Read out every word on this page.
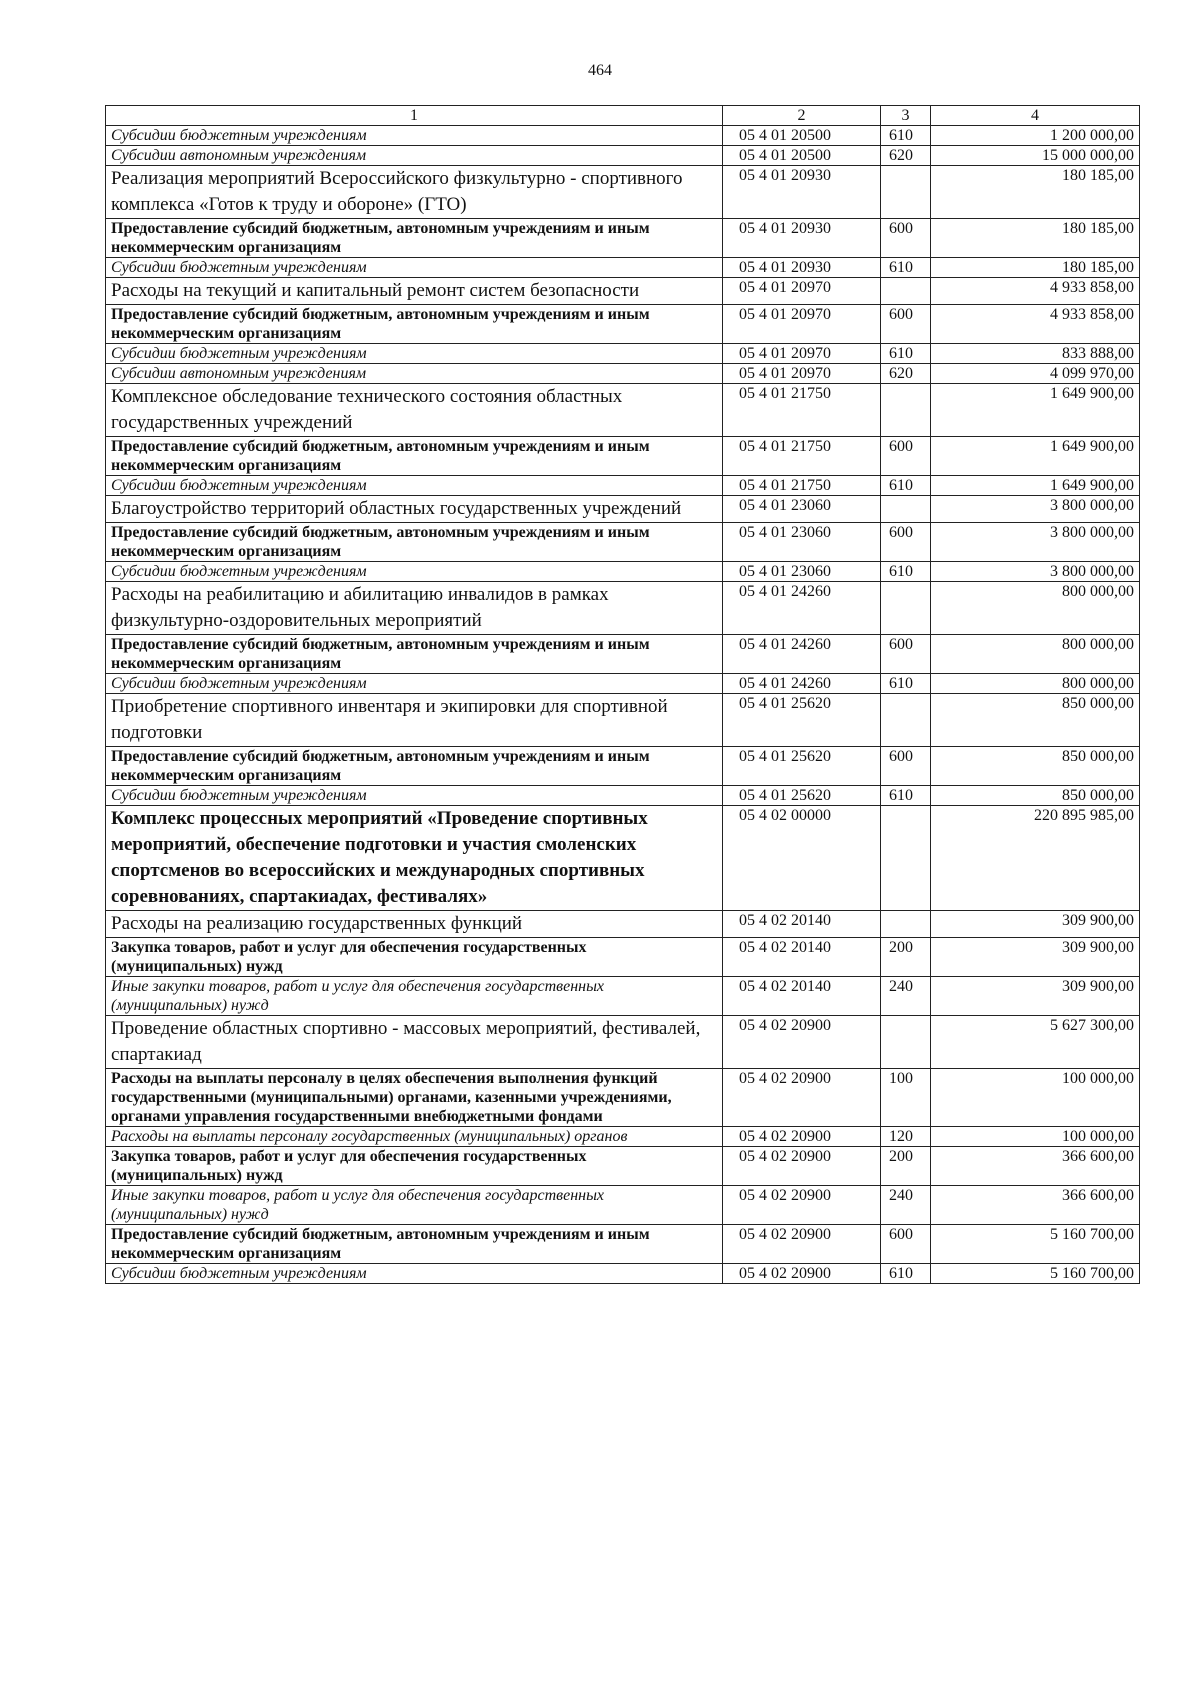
464
1	2	3	4
Субсидии бюджетным учреждениям	05 4 01 20500	610	1 200 000,00
Субсидии автономным учреждениям	05 4 01 20500	620	15 000 000,00
Реализация мероприятий Всероссийского физкультурно - спортивного комплекса «Готов к труду и обороне» (ГТО)	05 4 01 20930		180 185,00
Предоставление субсидий бюджетным, автономным учреждениям и иным некоммерческим организациям	05 4 01 20930	600	180 185,00
Субсидии бюджетным учреждениям	05 4 01 20930	610	180 185,00
Расходы на текущий и капитальный ремонт систем безопасности	05 4 01 20970		4 933 858,00
Предоставление субсидий бюджетным, автономным учреждениям и иным некоммерческим организациям	05 4 01 20970	600	4 933 858,00
Субсидии бюджетным учреждениям	05 4 01 20970	610	833 888,00
Субсидии автономным учреждениям	05 4 01 20970	620	4 099 970,00
Комплексное обследование технического состояния областных государственных учреждений	05 4 01 21750		1 649 900,00
Предоставление субсидий бюджетным, автономным учреждениям и иным некоммерческим организациям	05 4 01 21750	600	1 649 900,00
Субсидии бюджетным учреждениям	05 4 01 21750	610	1 649 900,00
Благоустройство территорий областных государственных учреждений	05 4 01 23060		3 800 000,00
Предоставление субсидий бюджетным, автономным учреждениям и иным некоммерческим организациям	05 4 01 23060	600	3 800 000,00
Субсидии бюджетным учреждениям	05 4 01 23060	610	3 800 000,00
Расходы на реабилитацию и абилитацию инвалидов в рамках физкультурно-оздоровительных мероприятий	05 4 01 24260		800 000,00
Предоставление субсидий бюджетным, автономным учреждениям и иным некоммерческим организациям	05 4 01 24260	600	800 000,00
Субсидии бюджетным учреждениям	05 4 01 24260	610	800 000,00
Приобретение спортивного инвентаря и экипировки для спортивной подготовки	05 4 01 25620		850 000,00
Предоставление субсидий бюджетным, автономным учреждениям и иным некоммерческим организациям	05 4 01 25620	600	850 000,00
Субсидии бюджетным учреждениям	05 4 01 25620	610	850 000,00
Комплекс процессных мероприятий «Проведение спортивных мероприятий, обеспечение подготовки и участия смоленских спортсменов во всероссийских и международных спортивных соревнованиях, спартакиадах, фестивалях»	05 4 02 00000		220 895 985,00
Расходы на реализацию государственных функций	05 4 02 20140		309 900,00
Закупка товаров, работ и услуг для обеспечения государственных (муниципальных) нужд	05 4 02 20140	200	309 900,00
Иные закупки товаров, работ и услуг для обеспечения государственных (муниципальных) нужд	05 4 02 20140	240	309 900,00
Проведение областных спортивно - массовых мероприятий, фестивалей, спартакиад	05 4 02 20900		5 627 300,00
Расходы на выплаты персоналу в целях обеспечения выполнения функций государственными (муниципальными) органами, казенными учреждениями, органами управления государственными внебюджетными фондами	05 4 02 20900	100	100 000,00
Расходы на выплаты персоналу государственных (муниципальных) органов	05 4 02 20900	120	100 000,00
Закупка товаров, работ и услуг для обеспечения государственных (муниципальных) нужд	05 4 02 20900	200	366 600,00
Иные закупки товаров, работ и услуг для обеспечения государственных (муниципальных) нужд	05 4 02 20900	240	366 600,00
Предоставление субсидий бюджетным, автономным учреждениям и иным некоммерческим организациям	05 4 02 20900	600	5 160 700,00
Субсидии бюджетным учреждениям	05 4 02 20900	610	5 160 700,00
